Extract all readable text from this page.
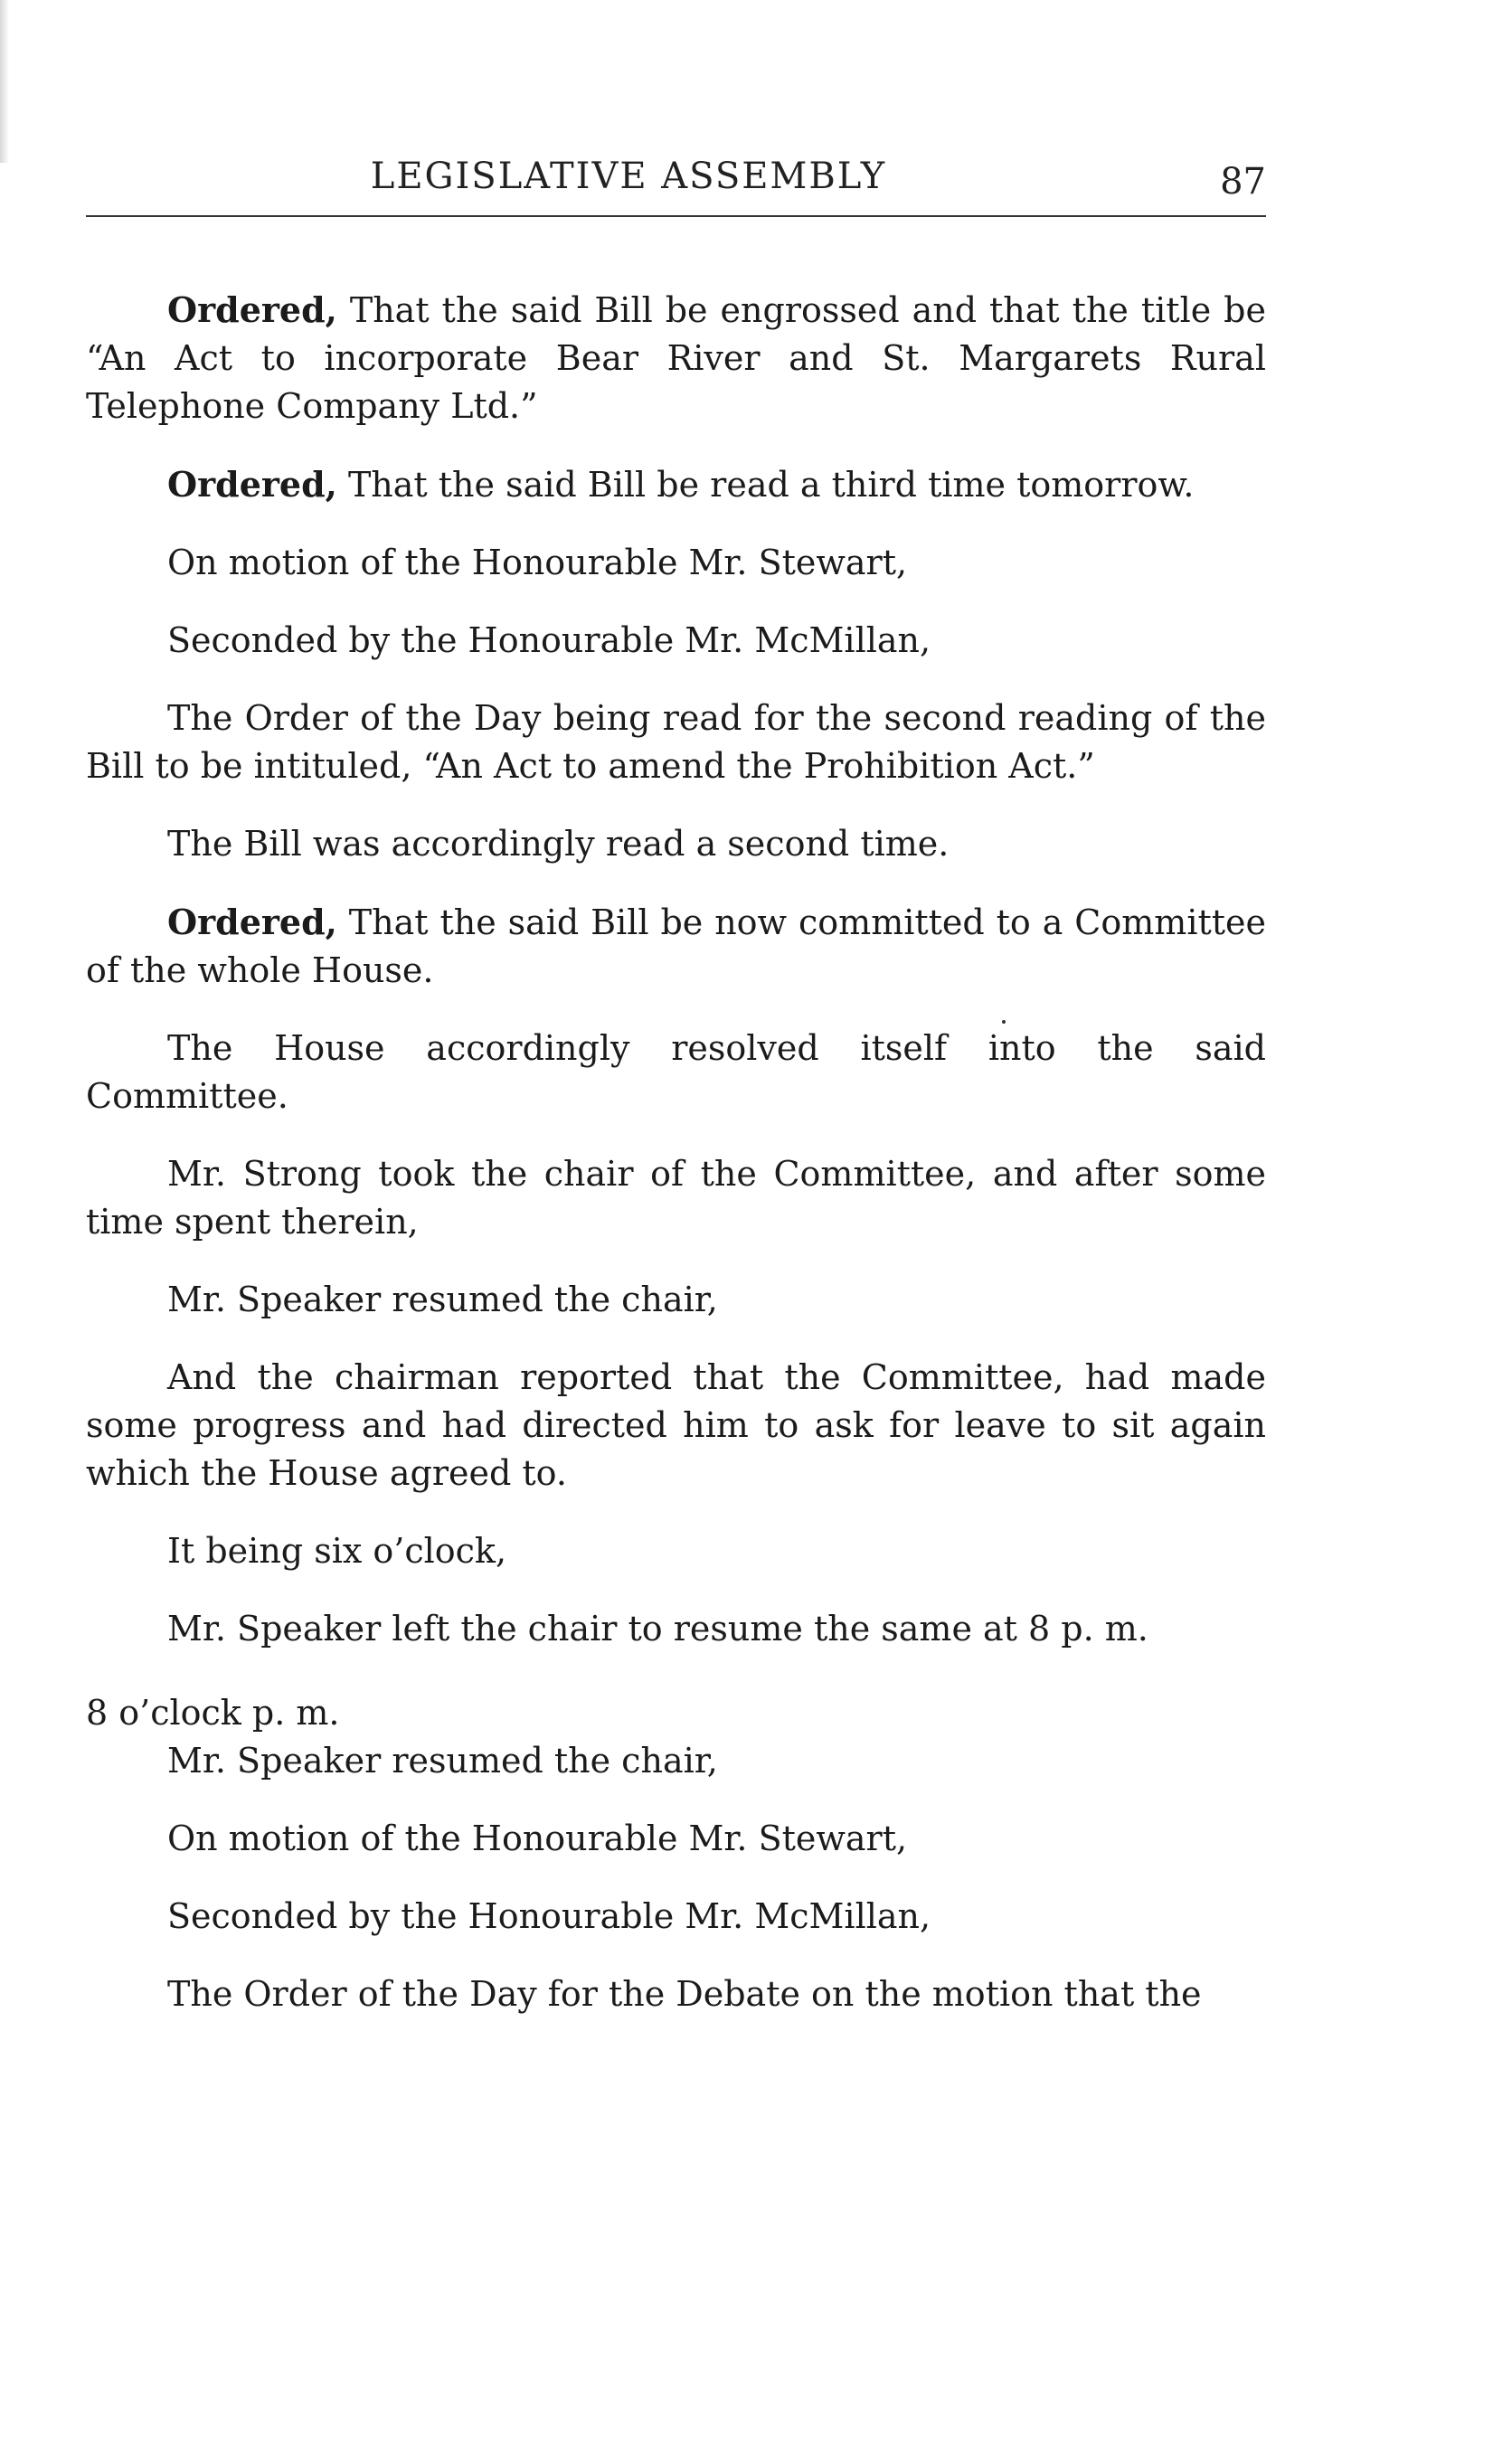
LEGISLATIVE ASSEMBLY	87

Ordered, That the said Bill be engrossed and that the title be “An Act to incorporate Bear River and St. Margarets Rural Telephone Company Ltd.”

Ordered, That the said Bill be read a third time tomorrow.

On motion of the Honourable Mr. Stewart,

Seconded by the Honourable Mr. McMillan,

The Order of the Day being read for the second reading of the Bill to be intituled, “An Act to amend the Prohibition Act.”

The Bill was accordingly read a second time.

Ordered, That the said Bill be now committed to a Committee of the whole House.

The House accordingly resolved itself into the said Committee.

Mr. Strong took the chair of the Committee, and after some time spent therein,

Mr. Speaker resumed the chair,

And the chairman reported that the Committee, had made some progress and had directed him to ask for leave to sit again which the House agreed to.

It being six o’clock,

Mr. Speaker left the chair to resume the same at 8 p. m.

8 o’clock p. m.

Mr. Speaker resumed the chair,

On motion of the Honourable Mr. Stewart,

Seconded by the Honourable Mr. McMillan,

The Order of the Day for the Debate on the motion that the
